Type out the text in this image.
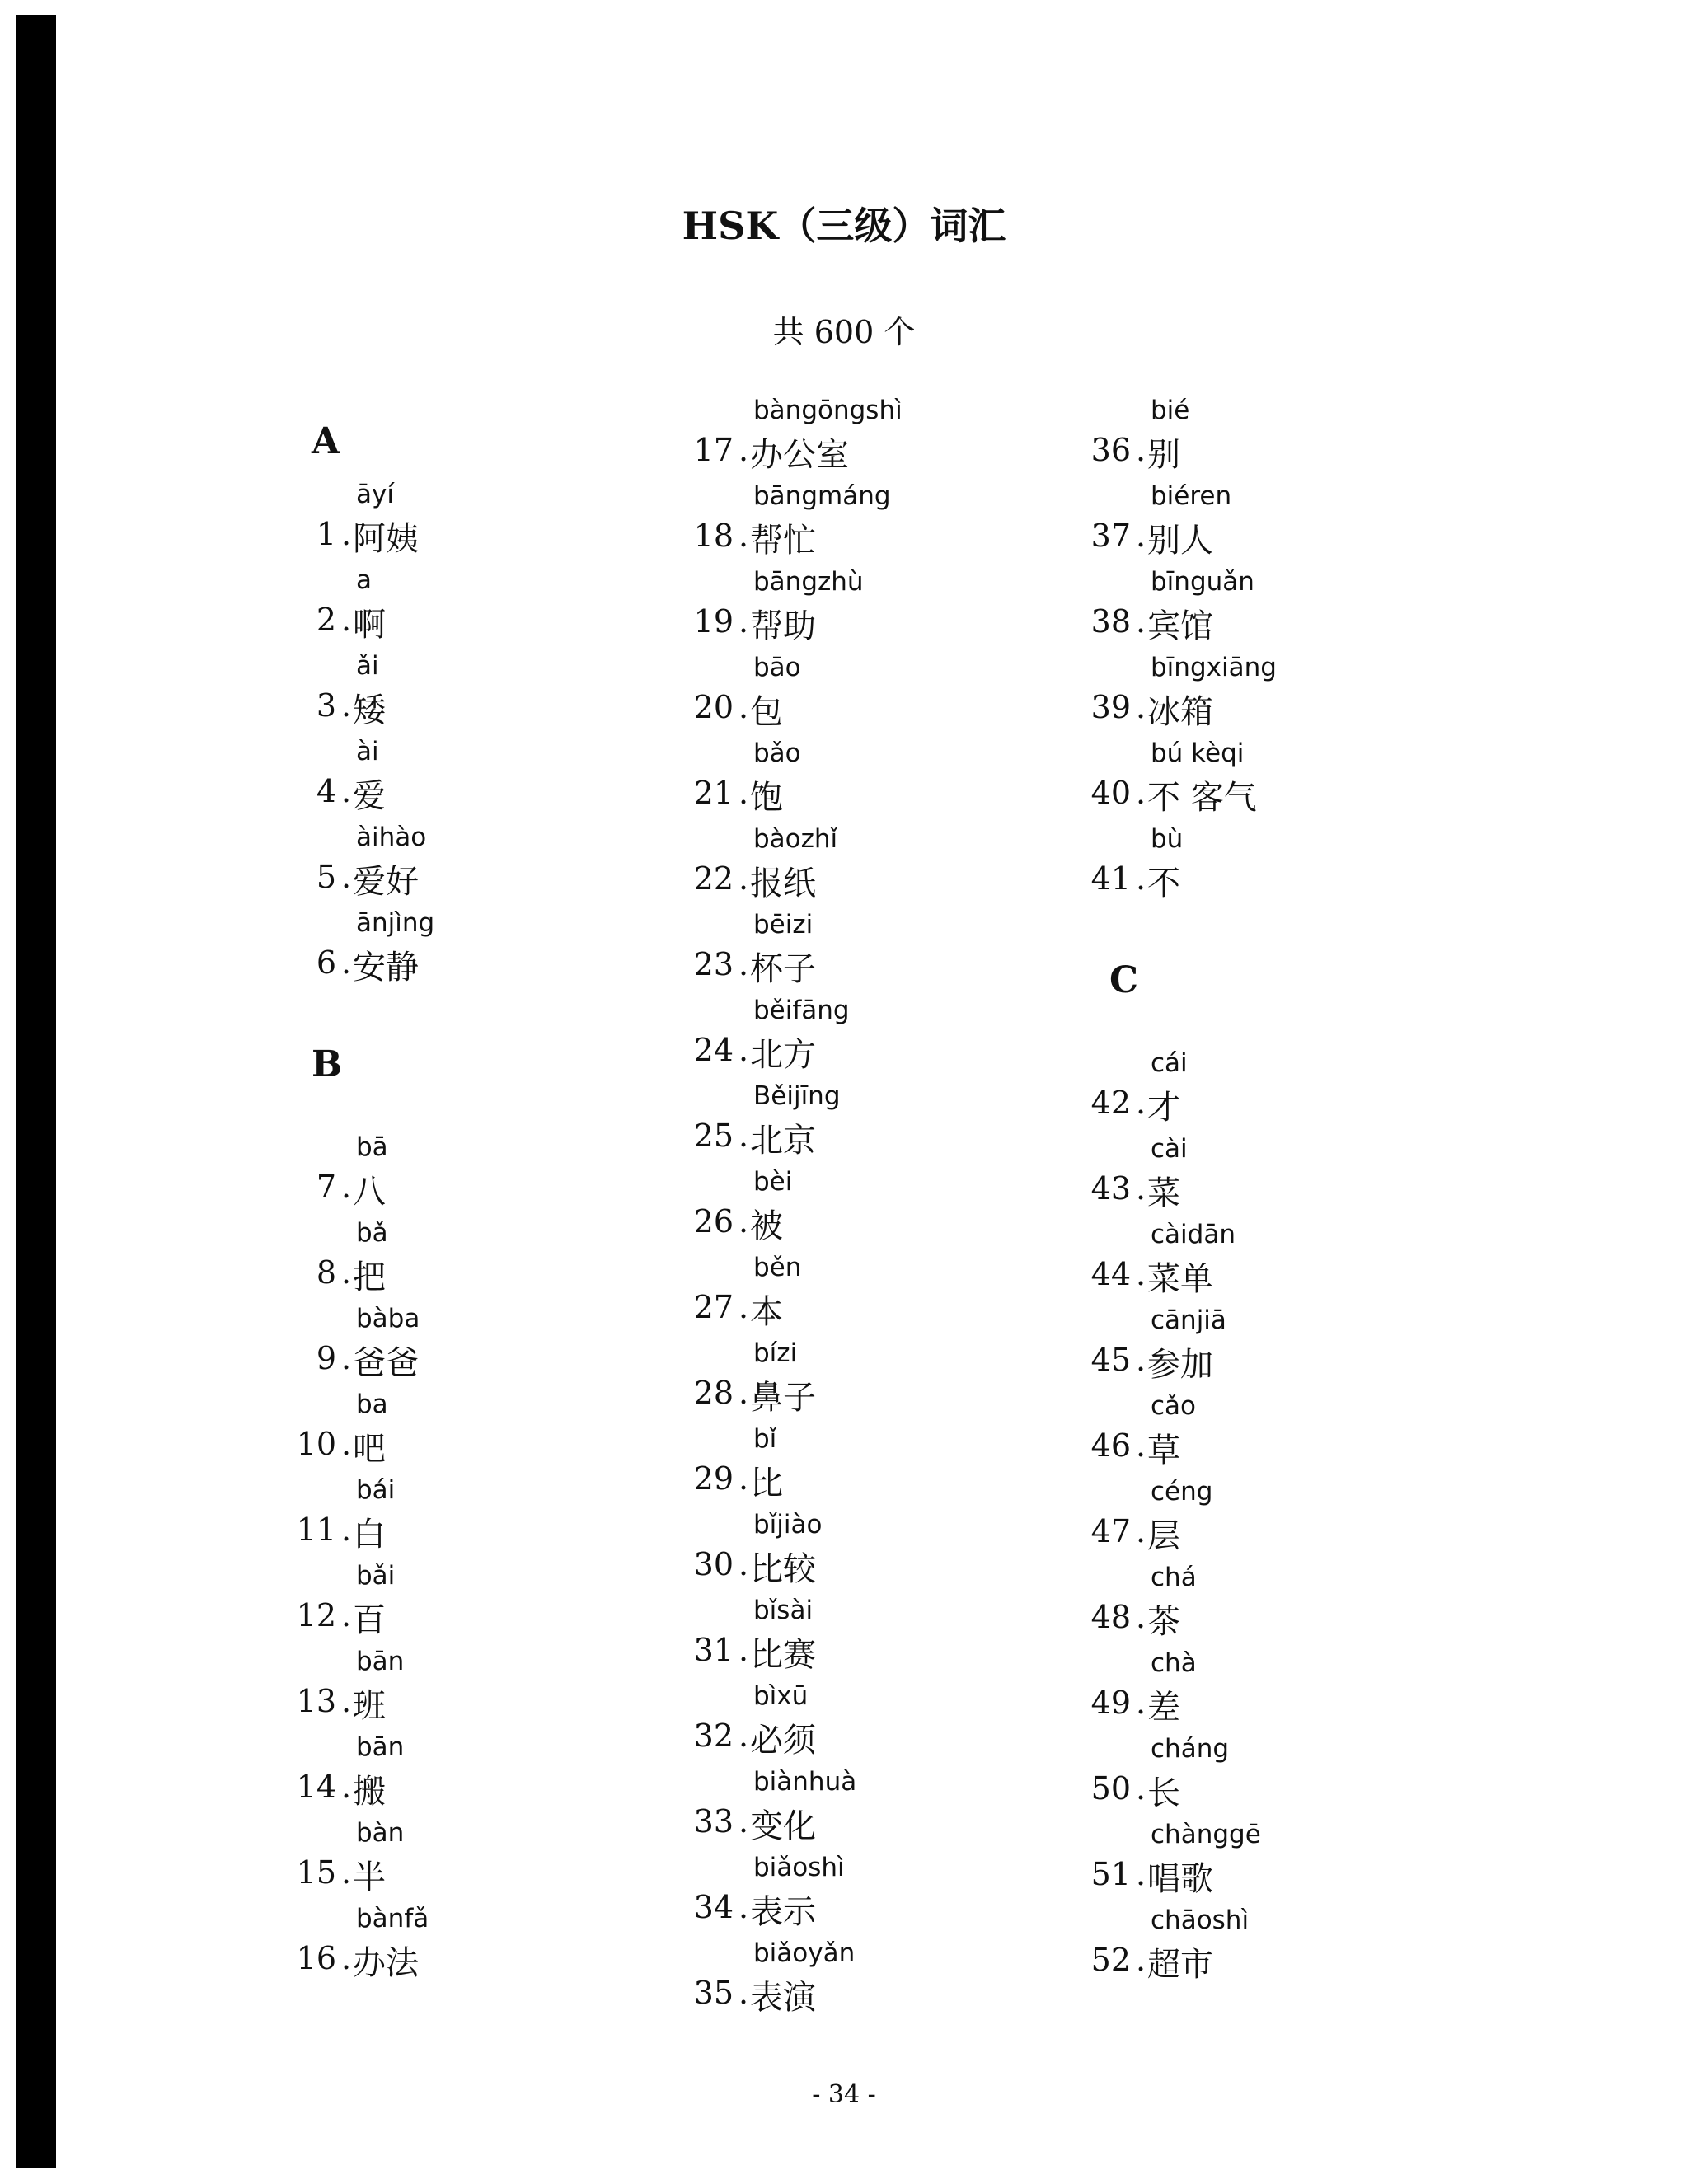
HSK（三级）词汇
共 600 个
A
āyí
1 . 阿姨
a
2 . 啊
ǎi
3 . 矮
ài
4 . 爱
àihào
5 . 爱好
ānjìng
6 . 安静
B
bā
7 . 八
bǎ
8 . 把
bàba
9 . 爸爸
ba
10 . 吧
bái
11 . 白
bǎi
12 . 百
bān
13 . 班
bān
14 . 搬
bàn
15 . 半
bànfǎ
16 . 办法
bàngōngshì
17 . 办公室
bāngmáng
18 . 帮忙
bāngzhù
19 . 帮助
bāo
20 . 包
bǎo
21 . 饱
bàozhǐ
22 . 报纸
bēizi
23 . 杯子
běifāng
24 . 北方
Běijīng
25 . 北京
bèi
26 . 被
běn
27 . 本
bízi
28 . 鼻子
bǐ
29 . 比
bǐjiào
30 . 比较
bǐsài
31 . 比赛
bìxū
32 . 必须
biànhuà
33 . 变化
biǎoshì
34 . 表示
biǎoyǎn
35 . 表演
bié
36 . 别
biéren
37 . 别人
bīnguǎn
38 . 宾馆
bīngxiāng
39 . 冰箱
bú kèqi
40 . 不 客气
bù
41 . 不
C
cái
42 . 才
cài
43 . 菜
càidān
44 . 菜单
cānjiā
45 . 参加
cǎo
46 . 草
céng
47 . 层
chá
48 . 茶
chà
49 . 差
cháng
50 . 长
chànggē
51 . 唱歌
chāoshì
52 . 超市
- 34 -
